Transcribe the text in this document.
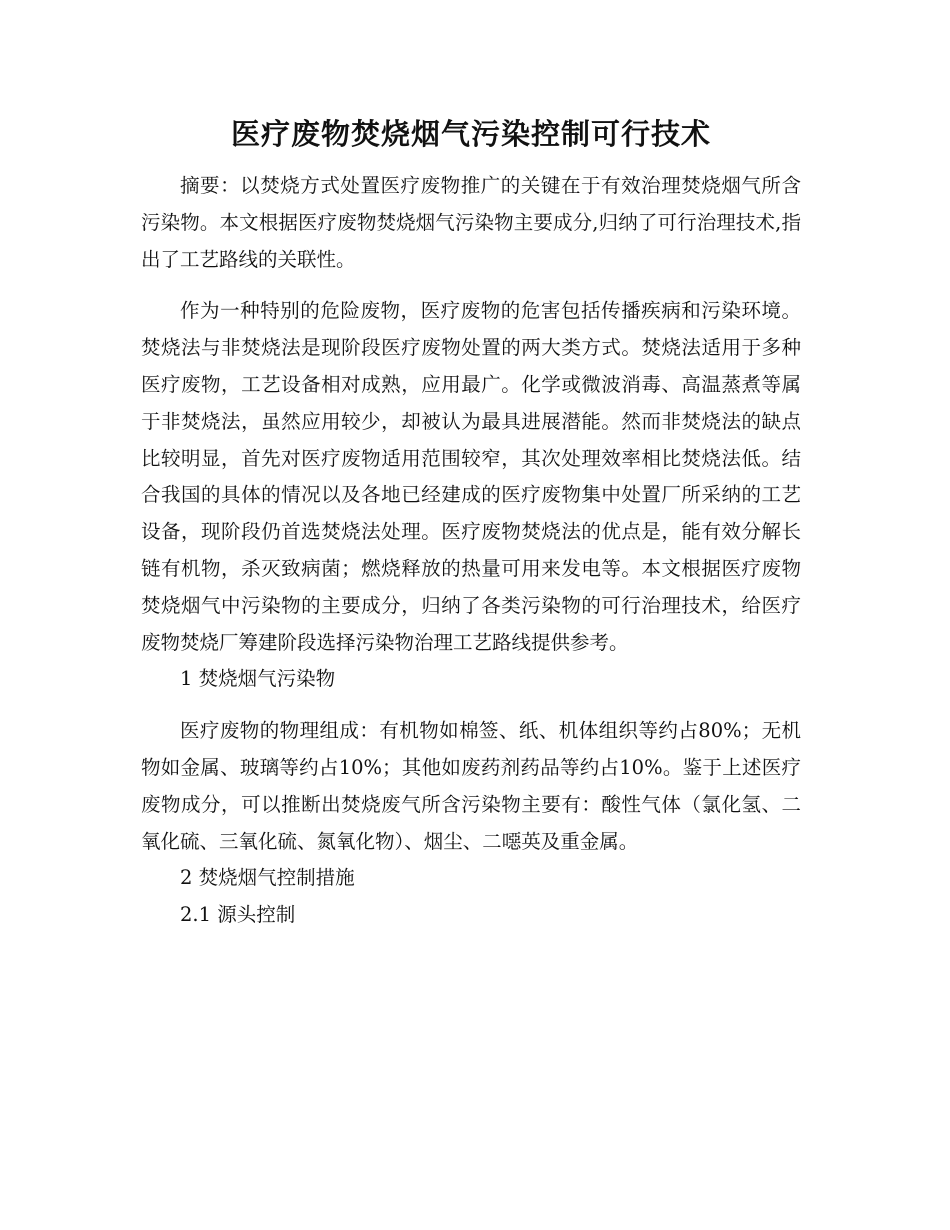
医疗废物焚烧烟气污染控制可行技术

摘要：以焚烧方式处置医疗废物推广的关键在于有效治理焚烧烟气所含污染物。本文根据医疗废物焚烧烟气污染物主要成分,归纳了可行治理技术,指出了工艺路线的关联性。

作为一种特别的危险废物，医疗废物的危害包括传播疾病和污染环境。焚烧法与非焚烧法是现阶段医疗废物处置的两大类方式。焚烧法适用于多种医疗废物，工艺设备相对成熟，应用最广。化学或微波消毒、高温蒸煮等属于非焚烧法，虽然应用较少，却被认为最具进展潜能。然而非焚烧法的缺点比较明显，首先对医疗废物适用范围较窄，其次处理效率相比焚烧法低。结合我国的具体的情况以及各地已经建成的医疗废物集中处置厂所采纳的工艺设备，现阶段仍首选焚烧法处理。医疗废物焚烧法的优点是，能有效分解长链有机物，杀灭致病菌；燃烧释放的热量可用来发电等。本文根据医疗废物焚烧烟气中污染物的主要成分，归纳了各类污染物的可行治理技术，给医疗废物焚烧厂筹建阶段选择污染物治理工艺路线提供参考。

1 焚烧烟气污染物

医疗废物的物理组成：有机物如棉签、纸、机体组织等约占80%；无机物如金属、玻璃等约占10%；其他如废药剂药品等约占10%。鉴于上述医疗废物成分，可以推断出焚烧废气所含污染物主要有：酸性气体（氯化氢、二氧化硫、三氧化硫、氮氧化物）、烟尘、二噁英及重金属。

2 焚烧烟气控制措施

2.1 源头控制
